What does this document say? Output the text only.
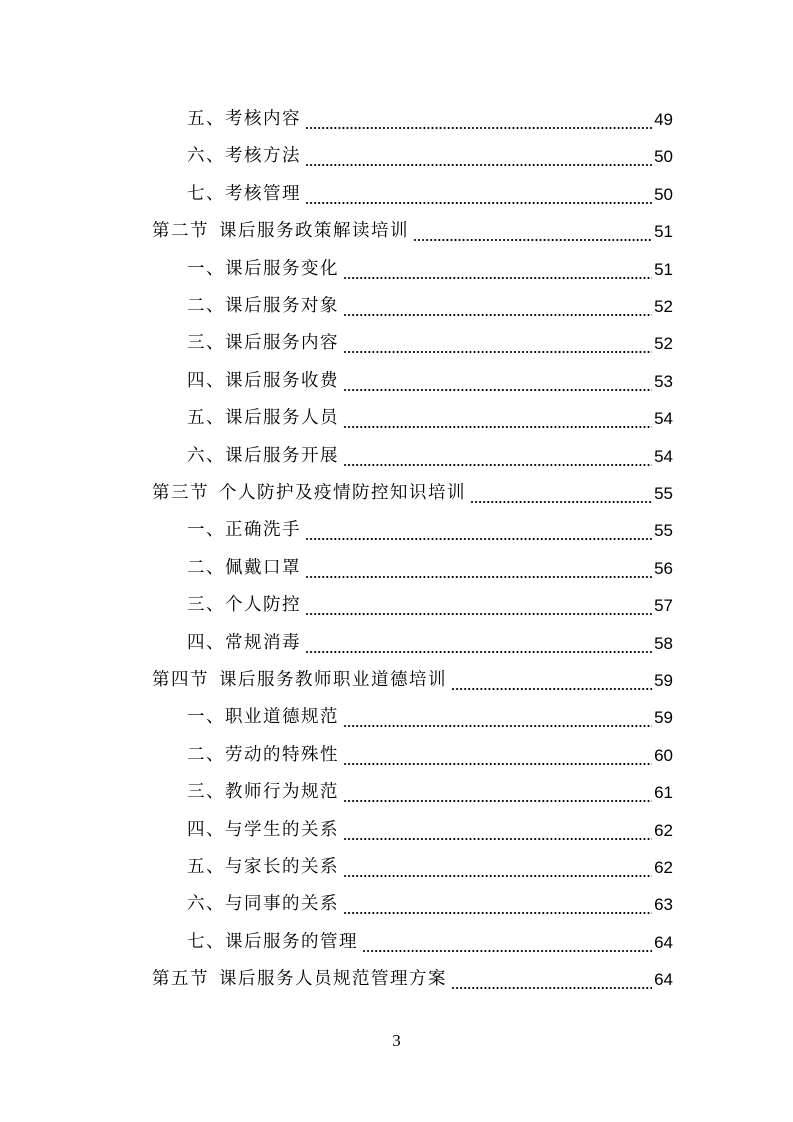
五、考核内容	49
六、考核方法	50
七、考核管理	50
第二节 课后服务政策解读培训	51
一、课后服务变化	51
二、课后服务对象	52
三、课后服务内容	52
四、课后服务收费	53
五、课后服务人员	54
六、课后服务开展	54
第三节 个人防护及疫情防控知识培训	55
一、正确洗手	55
二、佩戴口罩	56
三、个人防控	57
四、常规消毒	58
第四节 课后服务教师职业道德培训	59
一、职业道德规范	59
二、劳动的特殊性	60
三、教师行为规范	61
四、与学生的关系	62
五、与家长的关系	62
六、与同事的关系	63
七、课后服务的管理	64
第五节 课后服务人员规范管理方案	64
3
